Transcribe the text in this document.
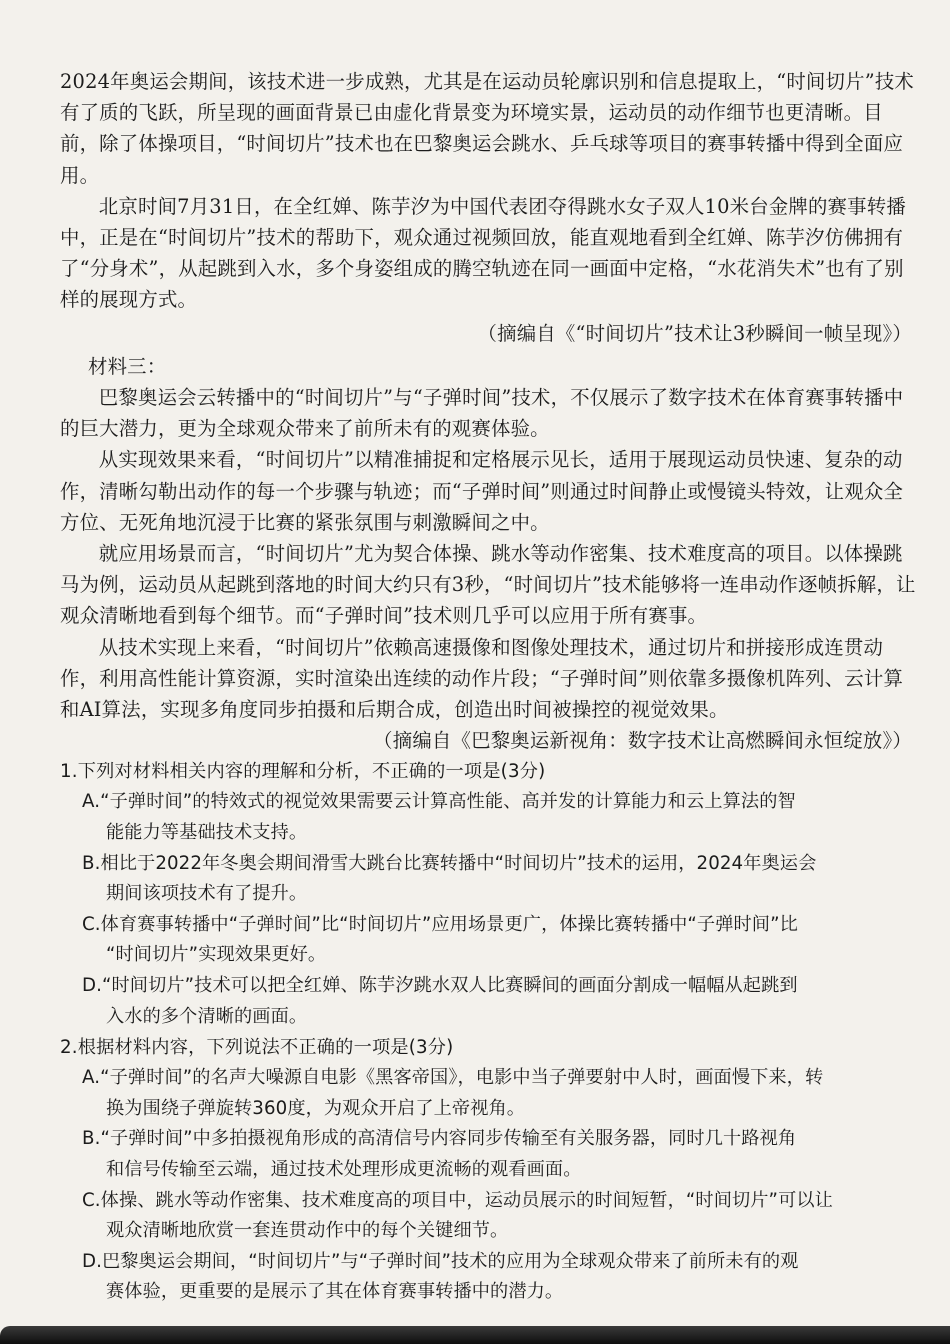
2024年奥运会期间，该技术进一步成熟，尤其是在运动员轮廓识别和信息提取上，“时间切片”技术有了质的飞跃，所呈现的画面背景已由虚化背景变为环境实景，运动员的动作细节也更清晰。目前，除了体操项目，“时间切片”技术也在巴黎奥运会跳水、乒乓球等项目的赛事转播中得到全面应用。

北京时间7月31日，在全红婵、陈芋汐为中国代表团夺得跳水女子双人10米台金牌的赛事转播中，正是在“时间切片”技术的帮助下，观众通过视频回放，能直观地看到全红婵、陈芋汐仿佛拥有了“分身术”，从起跳到入水，多个身姿组成的腾空轨迹在同一画面中定格，“水花消失术”也有了别样的展现方式。

（摘编自《“时间切片”技术让3秒瞬间一帧呈现》）

材料三：

巴黎奥运会云转播中的“时间切片”与“子弹时间”技术，不仅展示了数字技术在体育赛事转播中的巨大潜力，更为全球观众带来了前所未有的观赛体验。

从实现效果来看，“时间切片”以精准捕捉和定格展示见长，适用于展现运动员快速、复杂的动作，清晰勾勒出动作的每一个步骤与轨迹；而“子弹时间”则通过时间静止或慢镜头特效，让观众全方位、无死角地沉浸于比赛的紧张氛围与刺激瞬间之中。

就应用场景而言，“时间切片”尤为契合体操、跳水等动作密集、技术难度高的项目。以体操跳马为例，运动员从起跳到落地的时间大约只有3秒，“时间切片”技术能够将一连串动作逐帧拆解，让观众清晰地看到每个细节。而“子弹时间”技术则几乎可以应用于所有赛事。

从技术实现上来看，“时间切片”依赖高速摄像和图像处理技术，通过切片和拼接形成连贯动作，利用高性能计算资源，实时渲染出连续的动作片段；“子弹时间”则依靠多摄像机阵列、云计算和AI算法，实现多角度同步拍摄和后期合成，创造出时间被操控的视觉效果。

（摘编自《巴黎奥运新视角：数字技术让高燃瞬间永恒绽放》）

1.下列对材料相关内容的理解和分析，不正确的一项是(3分)

A.“子弹时间”的特效式的视觉效果需要云计算高性能、高并发的计算能力和云上算法的智
能能力等基础技术支持。
B.相比于2022年冬奥会期间滑雪大跳台比赛转播中“时间切片”技术的运用，2024年奥运会
期间该项技术有了提升。
C.体育赛事转播中“子弹时间”比“时间切片”应用场景更广，体操比赛转播中“子弹时间”比
“时间切片”实现效果更好。
D.“时间切片”技术可以把全红婵、陈芋汐跳水双人比赛瞬间的画面分割成一幅幅从起跳到
入水的多个清晰的画面。

2.根据材料内容，下列说法不正确的一项是(3分)

A.“子弹时间”的名声大噪源自电影《黑客帝国》，电影中当子弹要射中人时，画面慢下来，转
换为围绕子弹旋转360度，为观众开启了上帝视角。
B.“子弹时间”中多拍摄视角形成的高清信号内容同步传输至有关服务器，同时几十路视角
和信号传输至云端，通过技术处理形成更流畅的观看画面。
C.体操、跳水等动作密集、技术难度高的项目中，运动员展示的时间短暂，“时间切片”可以让
观众清晰地欣赏一套连贯动作中的每个关键细节。
D.巴黎奥运会期间，“时间切片”与“子弹时间”技术的应用为全球观众带来了前所未有的观
赛体验，更重要的是展示了其在体育赛事转播中的潜力。
